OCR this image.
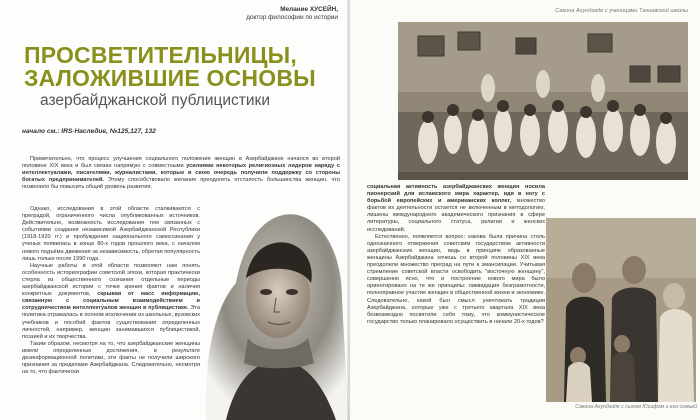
Мелание ХУСЕЙН,
доктор философии по истории
ПРОСВЕТИТЕЛЬНИЦЫ,
ЗАЛОЖИВШИЕ ОСНОВЫ
азербайджанской публицистики
начало см.: IRS-Наследие, №125,127, 132

Примечательно, что процесс улучшения социального положения женщин в Азербайджане начался во второй половине XIX века и был связан напрямую с совместными усилиями некоторых религиозных лидеров наряду с интеллектуалами, писателями, журналистами, которые в свою очередь получили поддержку со стороны богатых предпринимателей. Этому способствовало желание преодолеть отсталость большинства женщин, что позволило бы повысить общий уровень развития.

Однако, исследования в этой области сталкиваются с преградой, ограниченного числа опубликованных источников. Действительно, возможность исследования тем связанных с событиями создания независимой Азербайджанской Республики (1918-1920 гг.) и пробуждения национального самосознания у ученых появилась в конце 80-х годов прошлого века, с началом нового подъёма движения за независимость, обретая популярность лишь только после 1990 года.

Научные работы в этой области позволяют нам понять особенность историографии советской эпохи, которая практически стерла из общественного сознания отдельные периоды азербайджанской истории с точки зрения фактов и наличия конкретных документов, скрывая от масс информацию, связанную с социальным взаимодействием и сотрудничеством интеллектуалов женщин в публицистике. Эта политика отражалась в полном исключении из школьных, вузовских учебников и пособий фактов существования определенных личностей, например, женщин занимавшихся публицистикой, поэзией и их творчества.

Таким образом, несмотря на то, что азербайджанские женщины имели определенные достижения, в результате дезинформационной политики, эти факты не получили широкого признания за пределами Азербайджана. Следовательно, несмотря на то, что фактически

Сакина Ахундзаде с ученицами Тагиевской школы

социальная активность азербайджанских женщин носила пионерский для исламского мира характер, идя в ногу с борьбой европейских и американских коллег, множество фактов их деятельности остается не включенным в методологию, лишены международного академического признания в сфере литературы, социального статуса, религии и женских исследований.

Естественно, появляется вопрос: какова была причина столь однозначного отвержения советским государством активности азербайджанских женщин, ведь в принципе образованные женщины Азербайджана хочешь со второй половины XIX века преодолели множество преград на пути к эмансипации. Учитывая стремление советской власти освободить "восточную женщину", совершенно ясно, что и построение нового мира было ориентировано на те же принципы: ликвидация безграмотности, полноправное участие женщин в общественной жизни и экономике. Следовательно, какой был смысл уничтожать традиции Азербайджана, которые уже с третьего квартала XIX века безвозмездно посвятили себя тому, что коммунистическое государство только планировало осуществить в начале 20-х годов?

Сакина Ахундзаде с сыном Юсифом и его семьей
